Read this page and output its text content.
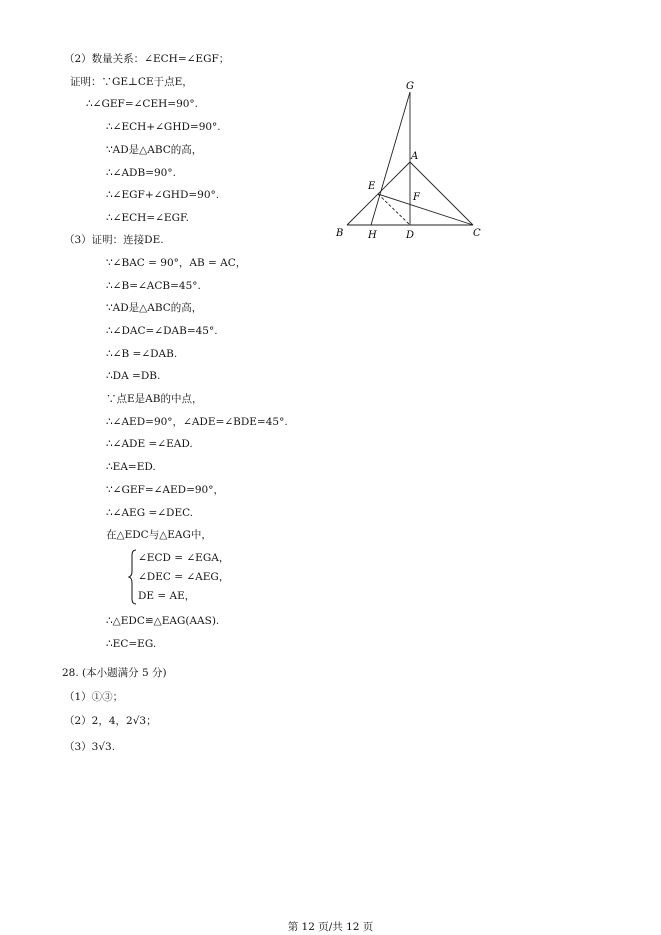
（2）数量关系：∠ECH=∠EGF；
证明：∵GE⊥CE于点E，
∴∠GEF=∠CEH=90°.
∴∠ECH+∠GHD=90°.
∵AD是△ABC的高，
∴∠ADB=90°.
∴∠EGF+∠GHD=90°.
∴∠ECH=∠EGF.
（3）证明：连接DE.
∵∠BAC = 90°，AB = AC，
∴∠B=∠ACB=45°.
∵AD是△ABC的高，
∴∠DAC=∠DAB=45°.
∴∠B =∠DAB.
∴DA =DB.
∵点E是AB的中点，
∴∠AED=90°，∠ADE=∠BDE=45°.
∴∠ADE =∠EAD.
∴EA=ED.
∵∠GEF=∠AED=90°，
∴∠AEG =∠DEC.
在△EDC与△EAG中，
∠ECD = ∠EGA，
∠DEC = ∠AEG，
DE = AE，
∴△EDC≌△EAG(AAS).
∴EC=EG.
28. (本小题满分 5 分)
（1）①③；
（2）2，4，2√3；
（3）3√3.
G
A
E
F
B H	D	C
第 12 页/共 12 页
